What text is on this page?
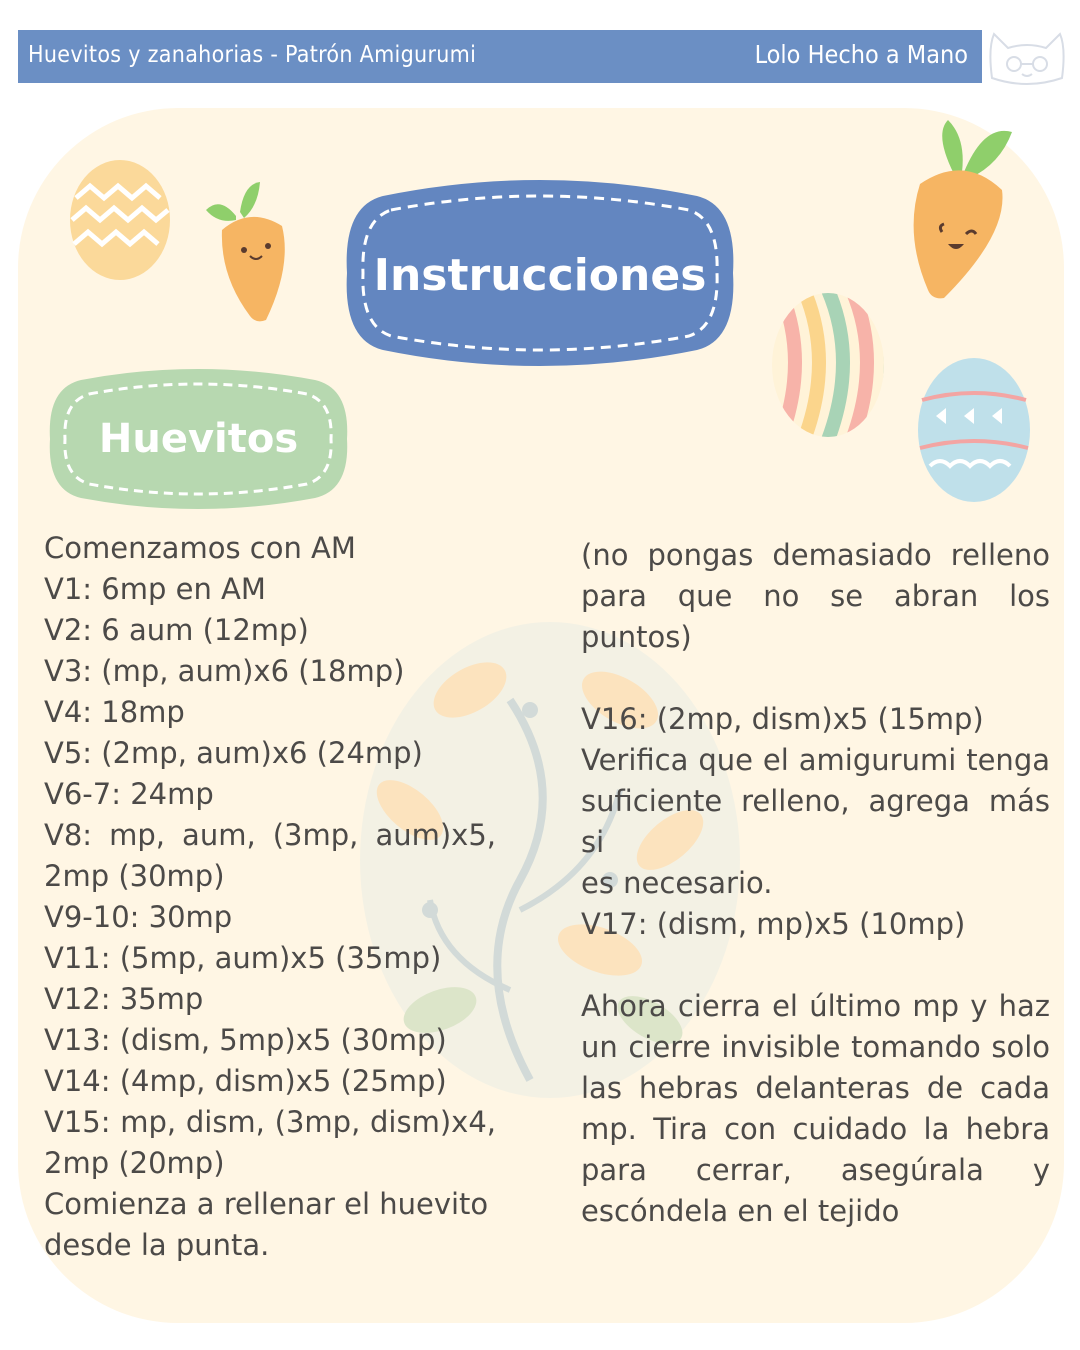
Huevitos y zanahorias - Patrón Amigurumi	Lolo Hecho a Mano
Instrucciones
Huevitos
Comenzamos con AM
V1: 6mp en AM
V2: 6 aum (12mp)
V3: (mp, aum)x6 (18mp)
V4: 18mp
V5: (2mp, aum)x6 (24mp)
V6-7: 24mp
V8: mp, aum, (3mp, aum)x5,
2mp (30mp)
V9-10: 30mp
V11: (5mp, aum)x5 (35mp)
V12: 35mp
V13: (dism, 5mp)x5 (30mp)
V14: (4mp, dism)x5 (25mp)
V15: mp, dism, (3mp, dism)x4,
2mp (20mp)
Comienza a rellenar el huevito
desde la punta.
(no pongas demasiado relleno
para que no se abran los
puntos)

V16: (2mp, dism)x5 (15mp)
Verifica que el amigurumi tenga
suficiente relleno, agrega más si
es necesario.
V17: (dism, mp)x5 (10mp)

Ahora cierra el último mp y haz
un cierre invisible tomando solo
las hebras delanteras de cada
mp. Tira con cuidado la hebra
para cerrar, asegúrala y
escóndela en el tejido
